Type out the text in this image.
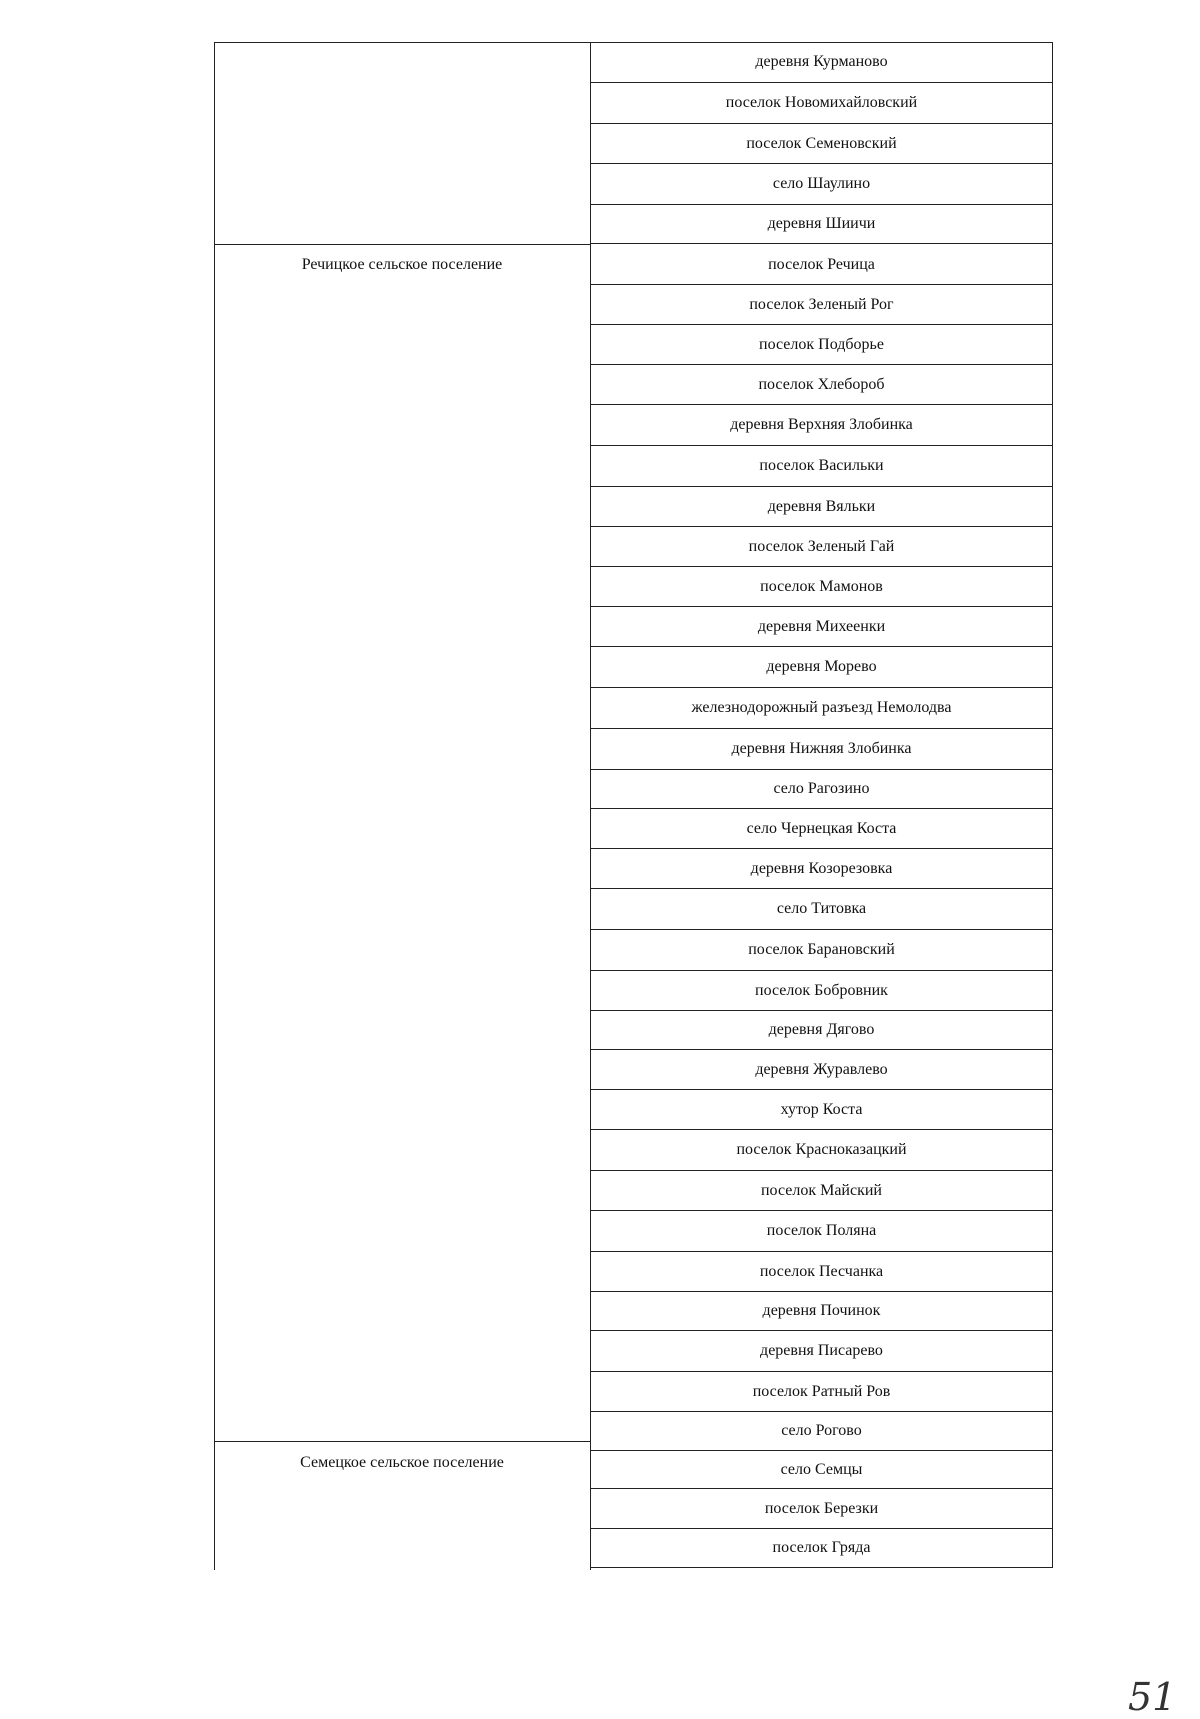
Речицкое сельское поселение
Семецкое сельское поселение
деревня Курманово
поселок Новомихайловский
поселок Семеновский
село Шаулино
деревня Шиичи
поселок Речица
поселок Зеленый Рог
поселок Подборье
поселок Хлебороб
деревня Верхняя Злобинка
поселок Васильки
деревня Вяльки
поселок Зеленый Гай
поселок Мамонов
деревня Михеенки
деревня Морево
железнодорожный разъезд Немолодва
деревня Нижняя Злобинка
село Рагозино
село Чернецкая Коста
деревня Козорезовка
село Титовка
поселок Барановский
поселок Бобровник
деревня Дягово
деревня Журавлево
хутор Коста
поселок Красноказацкий
поселок Майский
поселок Поляна
поселок Песчанка
деревня Починок
деревня Писарево
поселок Ратный Ров
село Рогово
село Семцы
поселок Березки
поселок Гряда
51
